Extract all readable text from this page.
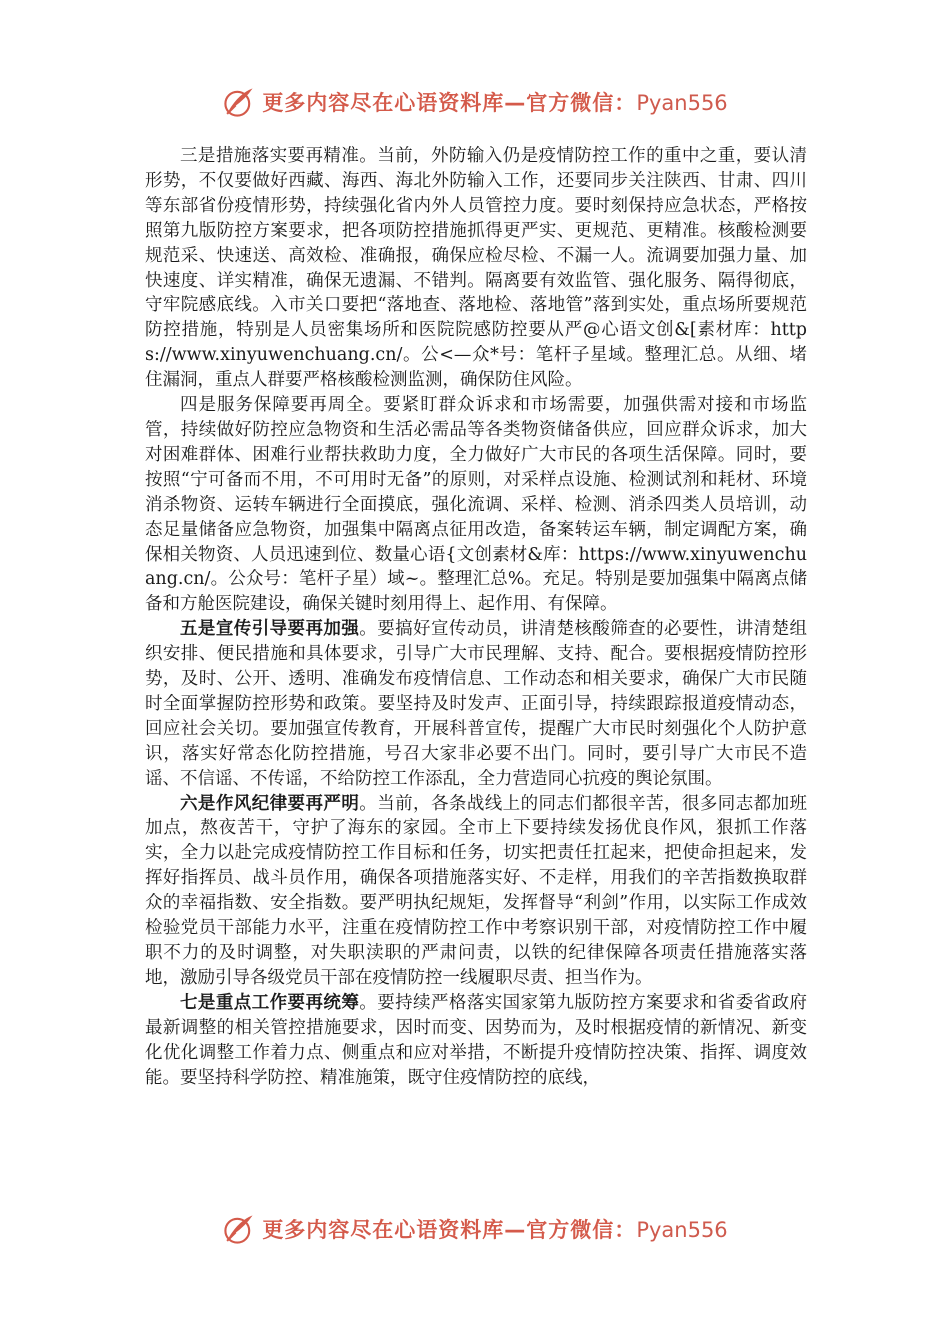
更多内容尽在心语资料库—官方微信：Pyan556

三是措施落实要再精准。当前，外防输入仍是疫情防控工作的重中之重，要认清形势，不仅要做好西藏、海西、海北外防输入工作，还要同步关注陕西、甘肃、四川等东部省份疫情形势，持续强化省内外人员管控力度。要时刻保持应急状态，严格按照第九版防控方案要求，把各项防控措施抓得更严实、更规范、更精准。核酸检测要规范采、快速送、高效检、准确报，确保应检尽检、不漏一人。流调要加强力量、加快速度、详实精准，确保无遗漏、不错判。隔离要有效监管、强化服务、隔得彻底，守牢院感底线。入市关口要把“落地查、落地检、落地管”落到实处，重点场所要规范防控措施，特别是人员密集场所和医院院感防控要从严@心语文创&[素材库：https://www.xinyuwenchuang.cn/。公<—众*号：笔杆子星域。整理汇总。从细、堵住漏洞，重点人群要严格核酸检测监测，确保防住风险。

四是服务保障要再周全。要紧盯群众诉求和市场需要，加强供需对接和市场监管，持续做好防控应急物资和生活必需品等各类物资储备供应，回应群众诉求，加大对困难群体、困难行业帮扶救助力度，全力做好广大市民的各项生活保障。同时，要按照“宁可备而不用，不可用时无备”的原则，对采样点设施、检测试剂和耗材、环境消杀物资、运转车辆进行全面摸底，强化流调、采样、检测、消杀四类人员培训，动态足量储备应急物资，加强集中隔离点征用改造，备案转运车辆，制定调配方案，确保相关物资、人员迅速到位、数量心语{文创素材&库：https://www.xinyuwenchuang.cn/。公众号：笔杆子星）域~。整理汇总%。充足。特别是要加强集中隔离点储备和方舱医院建设，确保关键时刻用得上、起作用、有保障。

五是宣传引导要再加强。要搞好宣传动员，讲清楚核酸筛查的必要性，讲清楚组织安排、便民措施和具体要求，引导广大市民理解、支持、配合。要根据疫情防控形势，及时、公开、透明、准确发布疫情信息、工作动态和相关要求，确保广大市民随时全面掌握防控形势和政策。要坚持及时发声、正面引导，持续跟踪报道疫情动态，回应社会关切。要加强宣传教育，开展科普宣传，提醒广大市民时刻强化个人防护意识，落实好常态化防控措施，号召大家非必要不出门。同时，要引导广大市民不造谣、不信谣、不传谣，不给防控工作添乱，全力营造同心抗疫的舆论氛围。

六是作风纪律要再严明。当前，各条战线上的同志们都很辛苦，很多同志都加班加点，熬夜苦干，守护了海东的家园。全市上下要持续发扬优良作风，狠抓工作落实，全力以赴完成疫情防控工作目标和任务，切实把责任扛起来，把使命担起来，发挥好指挥员、战斗员作用，确保各项措施落实好、不走样，用我们的辛苦指数换取群众的幸福指数、安全指数。要严明执纪规矩，发挥督导“利剑”作用，以实际工作成效检验党员干部能力水平，注重在疫情防控工作中考察识别干部，对疫情防控工作中履职不力的及时调整，对失职渎职的严肃问责，以铁的纪律保障各项责任措施落实落地，激励引导各级党员干部在疫情防控一线履职尽责、担当作为。

七是重点工作要再统筹。要持续严格落实国家第九版防控方案要求和省委省政府最新调整的相关管控措施要求，因时而变、因势而为，及时根据疫情的新情况、新变化优化调整工作着力点、侧重点和应对举措，不断提升疫情防控决策、指挥、调度效能。要坚持科学防控、精准施策，既守住疫情防控的底线，

更多内容尽在心语资料库—官方微信：Pyan556
